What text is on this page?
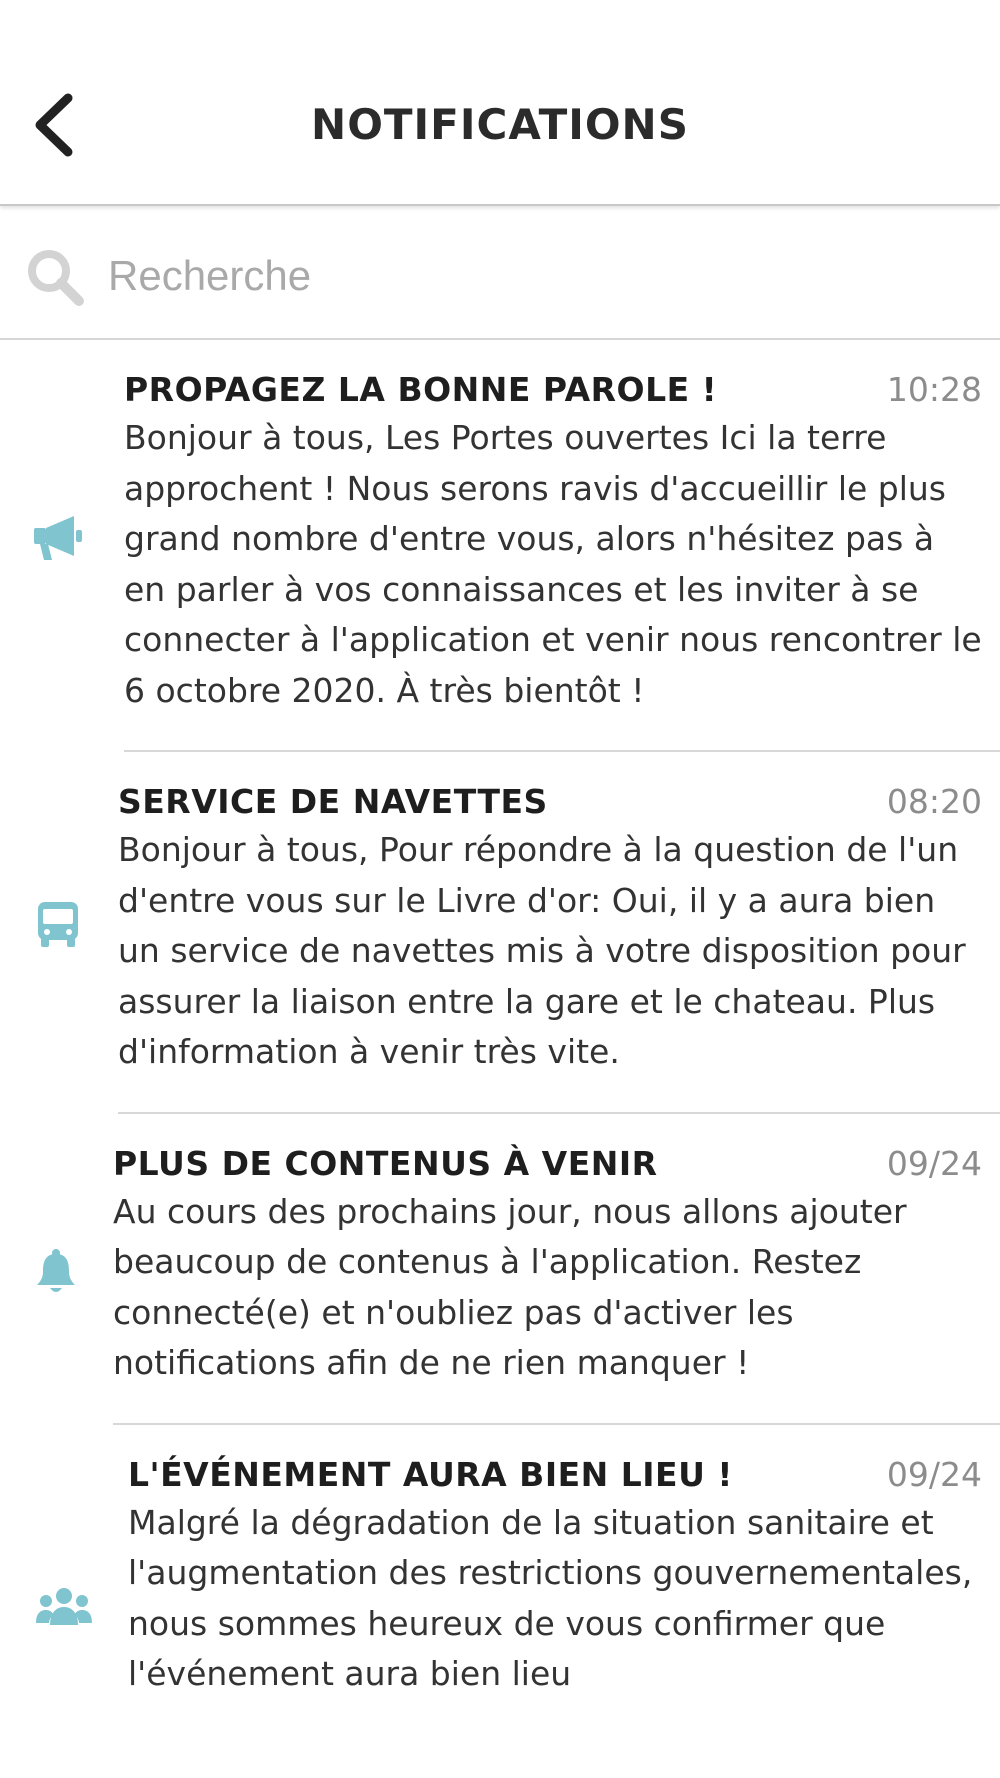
NOTIFICATIONS
Recherche
PROPAGEZ LA BONNE PAROLE !	10:28
Bonjour à tous, Les Portes ouvertes Ici la terre approchent ! Nous serons ravis d'accueillir le plus grand nombre d'entre vous, alors n'hésitez pas à en parler à vos connaissances et les inviter à se connecter à l'application et venir nous rencontrer le 6 octobre 2020. À très bientôt !
SERVICE DE NAVETTES	08:20
Bonjour à tous, Pour répondre à la question de l'un d'entre vous sur le Livre d'or: Oui, il y a aura bien un service de navettes mis à votre disposition pour assurer la liaison entre la gare et le chateau. Plus d'information à venir très vite.
PLUS DE CONTENUS À VENIR	09/24
Au cours des prochains jour, nous allons ajouter beaucoup de contenus à l'application. Restez connecté(e) et n'oubliez pas d'activer les notifications afin de ne rien manquer !
L'ÉVÉNEMENT AURA BIEN LIEU !	09/24
Malgré la dégradation de la situation sanitaire et l'augmentation des restrictions gouvernementales, nous sommes heureux de vous confirmer que l'événement aura bien lieu
